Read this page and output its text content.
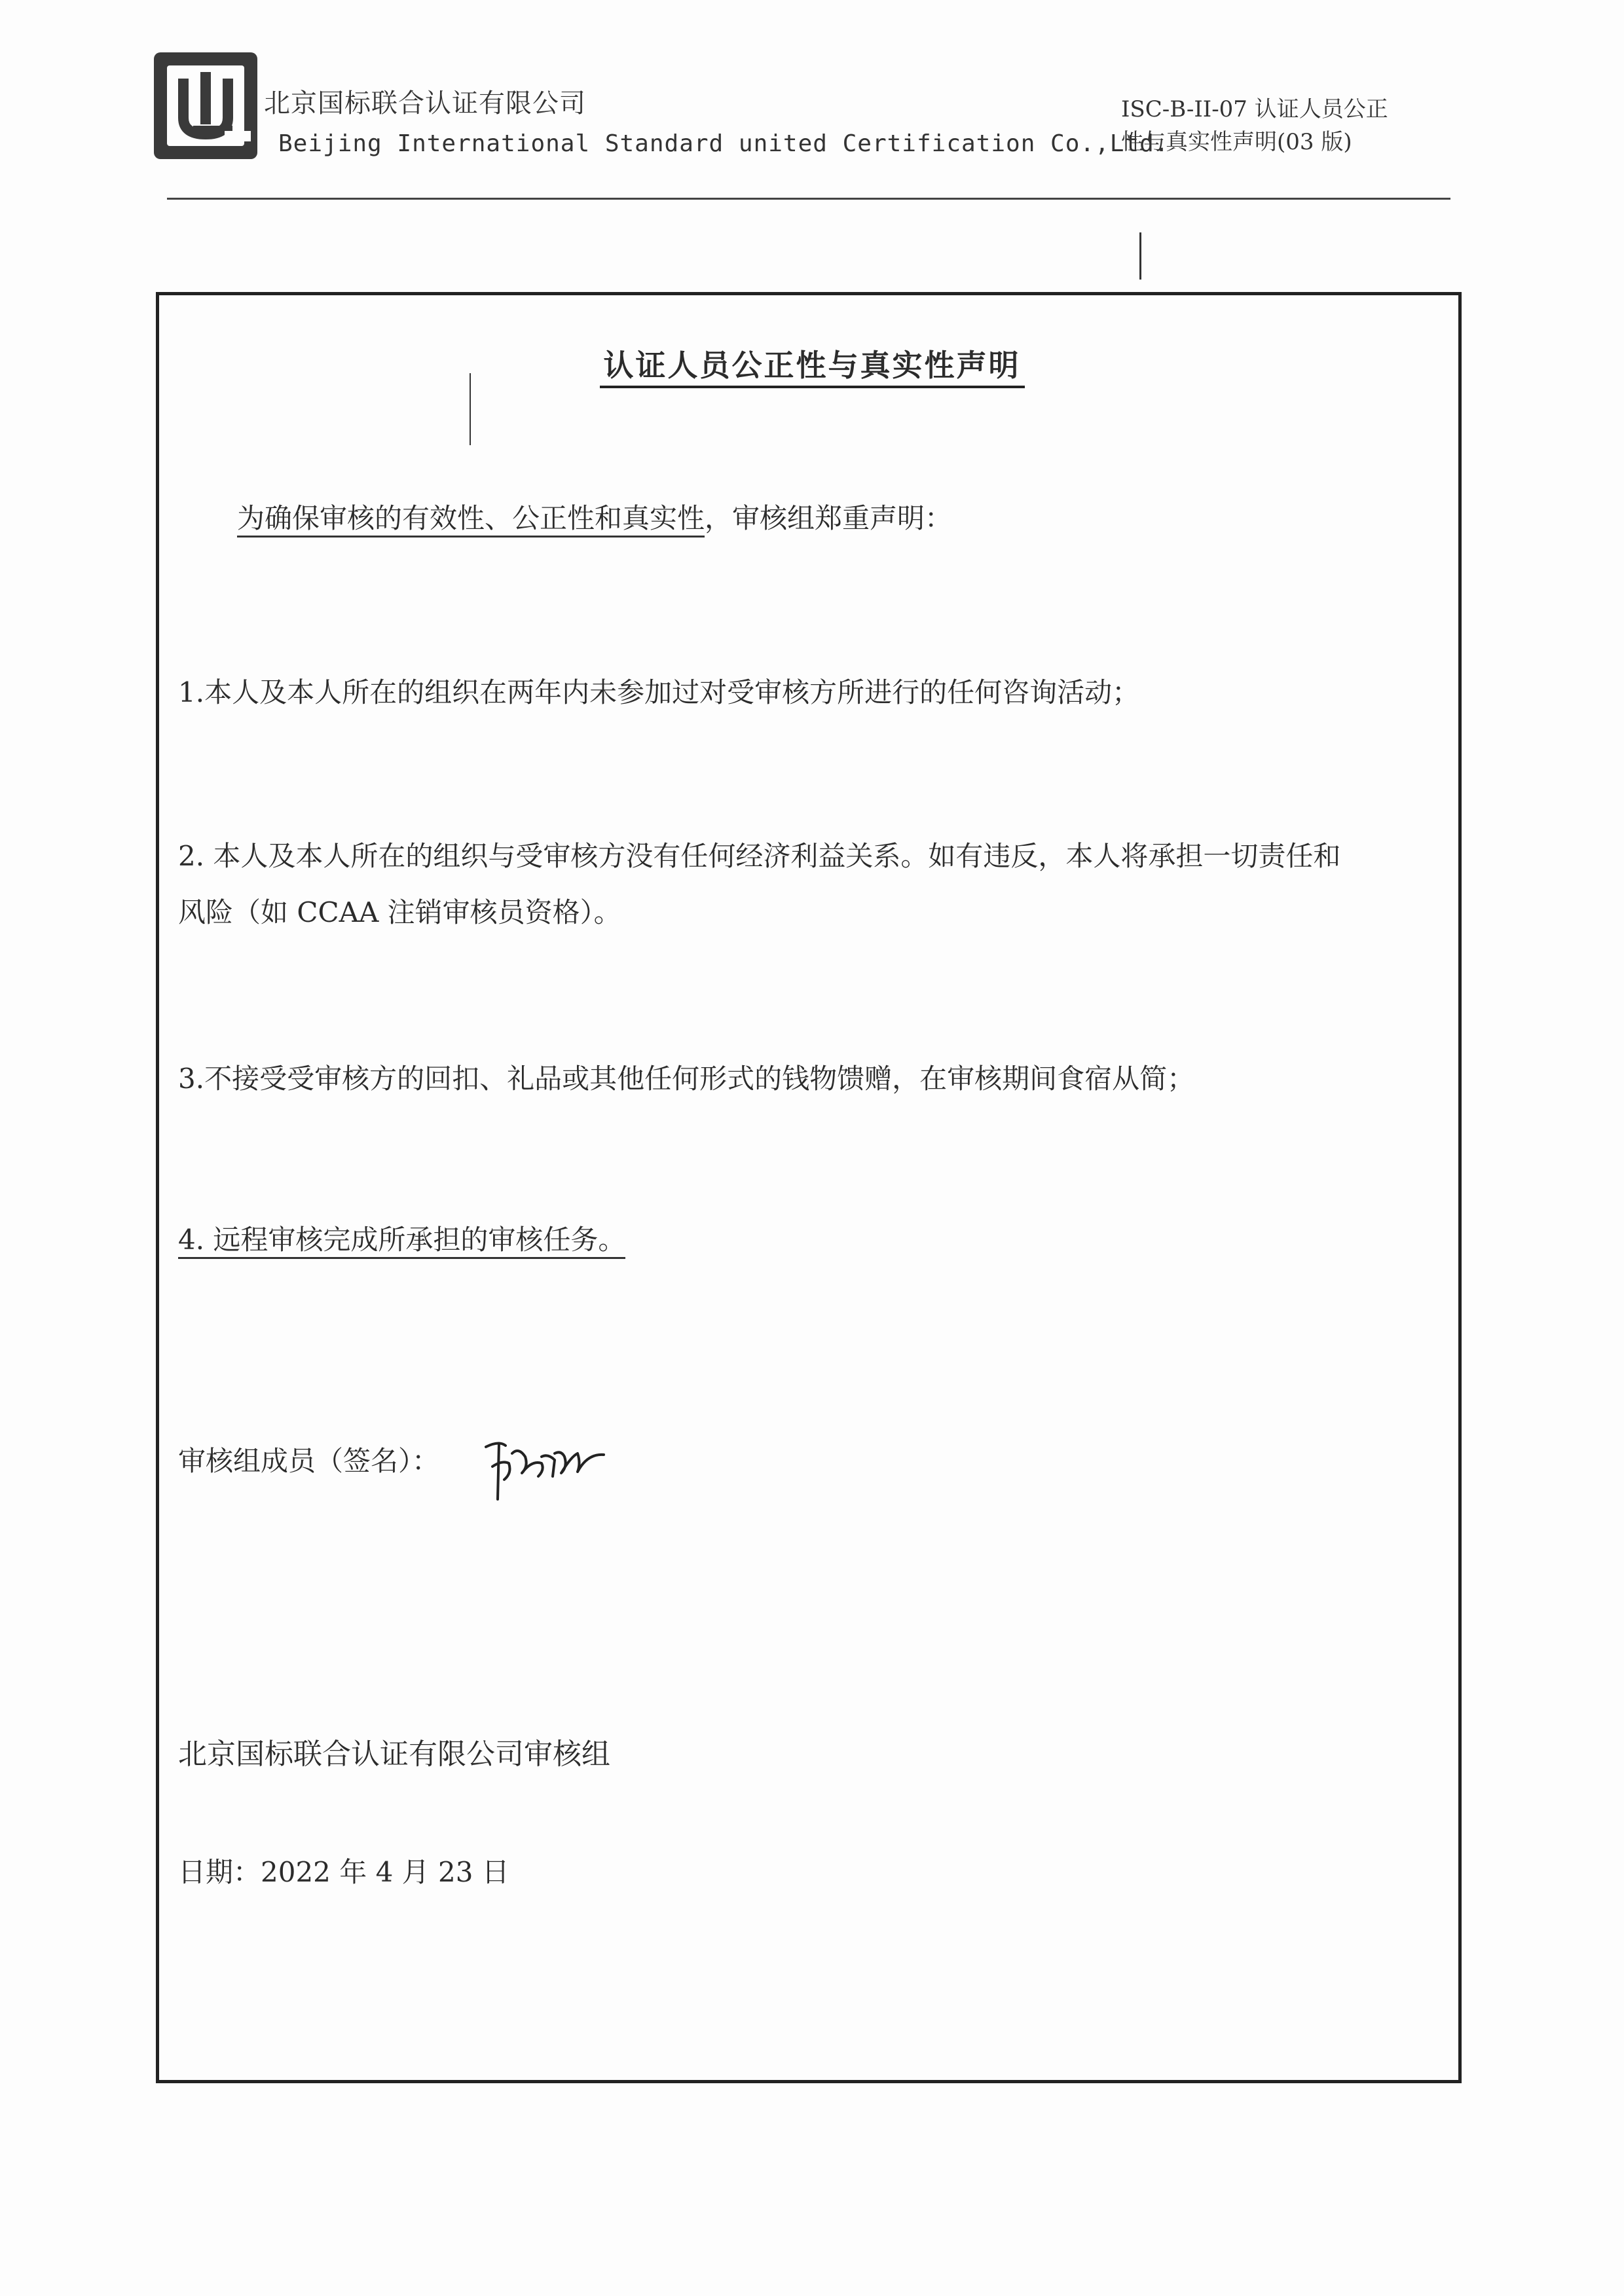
北京国标联合认证有限公司
Beijing International Standard united Certification Co.,Ltd.
ISC-B-II-07 认证人员公正
性与真实性声明(03 版)
认证人员公正性与真实性声明
为确保审核的有效性、公正性和真实性，审核组郑重声明：
1.本人及本人所在的组织在两年内未参加过对受审核方所进行的任何咨询活动；
2. 本人及本人所在的组织与受审核方没有任何经济利益关系。如有违反，本人将承担一切责任和
风险（如 CCAA 注销审核员资格）。
3.不接受受审核方的回扣、礼品或其他任何形式的钱物馈赠，在审核期间食宿从简；
4. 远程审核完成所承担的审核任务。
审核组成员（签名）：
北京国标联合认证有限公司审核组
日期：2022 年 4 月 23 日
